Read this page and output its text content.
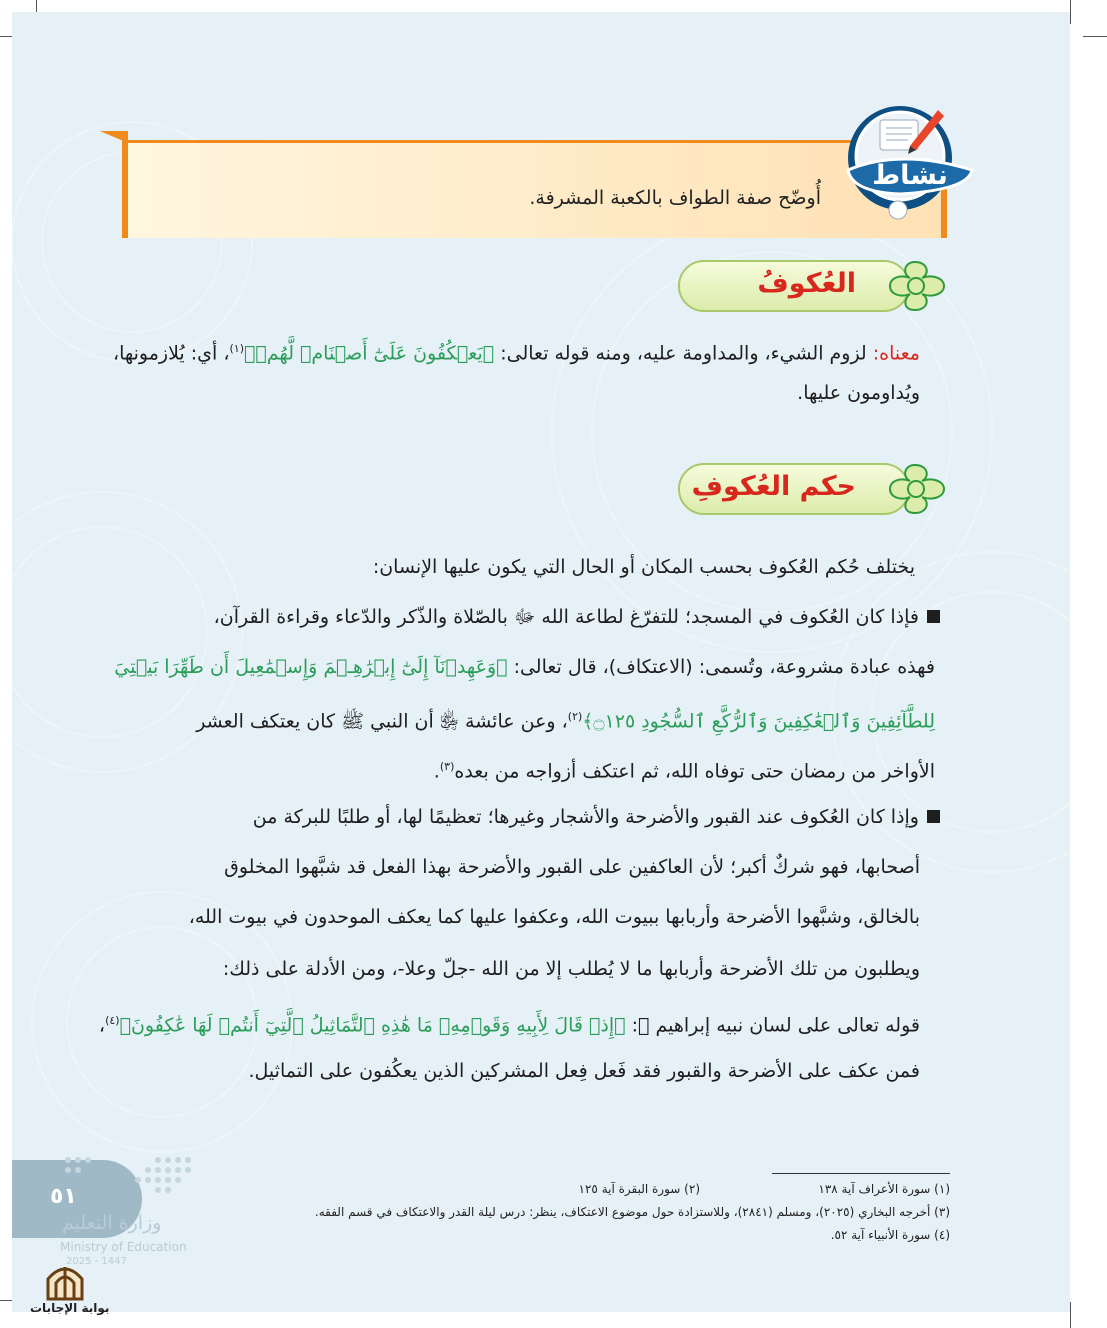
أُوضّح صفة الطواف بالكعبة المشرفة.
نشاط
العُكوفُ
معناه: لزوم الشيء، والمداومة عليه، ومنه قوله تعالى: ﴿يَعۡكُفُونَ عَلَىٰٓ أَصۡنَامٖ لَّهُمۡ﴾$^{(١)}$، أي: يُلازمونها،
ويُداومون عليها.
حكم العُكوفِ
يختلف حُكم العُكوف بحسب المكان أو الحال التي يكون عليها الإنسان:
فإذا كان العُكوف في المسجد؛ للتفرّغ لطاعة الله ﷻ بالصّلاة والذّكر والدّعاء وقراءة القرآن،
فهذه عبادة مشروعة، وتُسمى: (الاعتكاف)، قال تعالى: ﴿وَعَهِدۡنَآ إِلَىٰٓ إِبۡرَٰهِـۧمَ وَإِسۡمَٰعِيلَ أَن طَهِّرَا بَيۡتِيَ
لِلطَّآئِفِينَ وَٱلۡعَٰكِفِينَ وَٱلرُّكَّعِ ٱلسُّجُودِ ۝١٢٥﴾$^{(٢)}$، وعن عائشة ﵂ أن النبي ﷺ كان يعتكف العشر
الأواخر من رمضان حتى توفاه الله، ثم اعتكف أزواجه من بعده$^{(٣)}$.
وإذا كان العُكوف عند القبور والأضرحة والأشجار وغيرها؛ تعظيمًا لها، أو طلبًا للبركة من
أصحابها، فهو شركٌ أكبر؛ لأن العاكفين على القبور والأضرحة بهذا الفعل قد شبَّهوا المخلوق
بالخالق، وشبَّهوا الأضرحة وأربابها ببيوت الله، وعكفوا عليها كما يعكف الموحدون في بيوت الله،
ويطلبون من تلك الأضرحة وأربابها ما لا يُطلب إلا من الله -جلّ وعلا-، ومن الأدلة على ذلك:
قوله تعالى على لسان نبيه إبراهيم ﵇: ﴿إِذۡ قَالَ لِأَبِيهِ وَقَوۡمِهِۦ مَا هَٰذِهِ ٱلتَّمَاثِيلُ ٱلَّتِيٓ أَنتُمۡ لَهَا عَٰكِفُونَ﴾$^{(٤)}$،
فمن عكف على الأضرحة والقبور فقد فَعل فِعل المشركين الذين يعكُفون على التماثيل.
(١) سورة الأعراف آية ١٣٨
(٢) سورة البقرة آية ١٢٥
(٣) أخرجه البخاري (٢٠٢٥)، ومسلم (٢٨٤١)، وللاستزادة حول موضوع الاعتكاف، ينظر: درس ليلة القدر والاعتكاف في قسم الفقه.
(٤) سورة الأنبياء آية ٥٢.
٥١
وزارة التعليم
Ministry of Education
2025 - 1447
بوابة الإجابات
